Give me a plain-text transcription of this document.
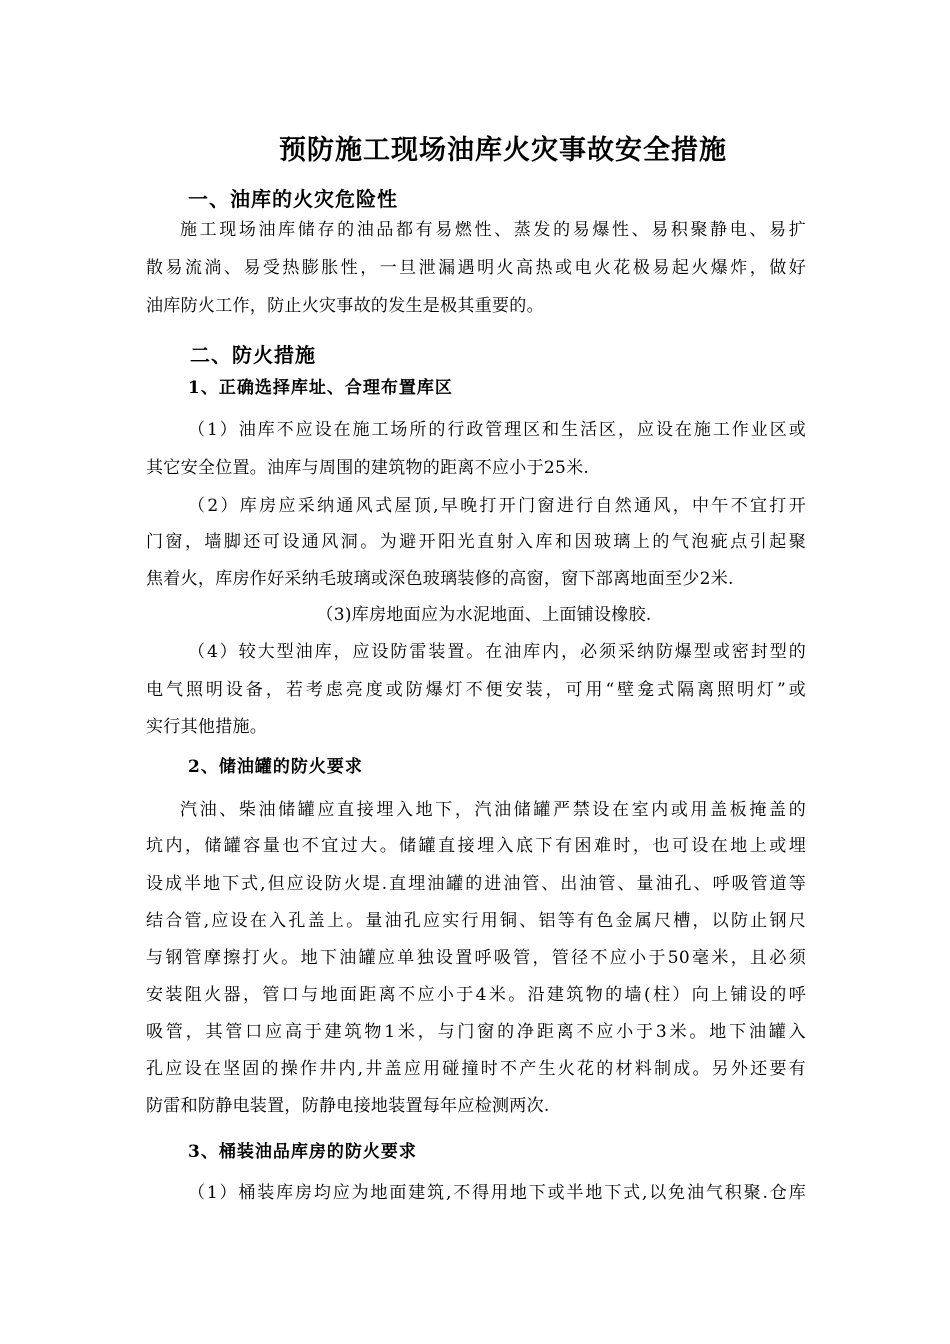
预防施工现场油库火灾事故安全措施
一、油库的火灾危险性
施工现场油库储存的油品都有易燃性、蒸发的易爆性、易积聚静电、易扩
散易流淌、易受热膨胀性，一旦泄漏遇明火高热或电火花极易起火爆炸，做好
油库防火工作，防止火灾事故的发生是极其重要的。
二、防火措施
1、正确选择库址、合理布置库区
（1）油库不应设在施工场所的行政管理区和生活区，应设在施工作业区或
其它安全位置。油库与周围的建筑物的距离不应小于25米.
（2）库房应采纳通风式屋顶,早晚打开门窗进行自然通风，中午不宜打开
门窗，墙脚还可设通风洞。为避开阳光直射入库和因玻璃上的气泡疵点引起聚
焦着火，库房作好采纳毛玻璃或深色玻璃装修的高窗，窗下部离地面至少2米.
（3)库房地面应为水泥地面、上面铺设橡胶.
（4）较大型油库，应设防雷装置。在油库内，必须采纳防爆型或密封型的
电气照明设备，若考虑亮度或防爆灯不便安装，可用“壁龛式隔离照明灯”或
实行其他措施。
2、储油罐的防火要求
汽油、柴油储罐应直接埋入地下，汽油储罐严禁设在室内或用盖板掩盖的
坑内，储罐容量也不宜过大。储罐直接埋入底下有困难时，也可设在地上或埋
设成半地下式,但应设防火堤.直埋油罐的进油管、出油管、量油孔、呼吸管道等
结合管,应设在入孔盖上。量油孔应实行用铜、铝等有色金属尺槽，以防止钢尺
与钢管摩擦打火。地下油罐应单独设置呼吸管，管径不应小于50毫米，且必须
安装阻火器，管口与地面距离不应小于4米。沿建筑物的墙(柱）向上铺设的呼
吸管，其管口应高于建筑物1米，与门窗的净距离不应小于3米。地下油罐入
孔应设在坚固的操作井内,井盖应用碰撞时不产生火花的材料制成。另外还要有
防雷和防静电装置，防静电接地装置每年应检测两次.
3、桶装油品库房的防火要求
（1）桶装库房均应为地面建筑,不得用地下或半地下式,以免油气积聚.仓库
